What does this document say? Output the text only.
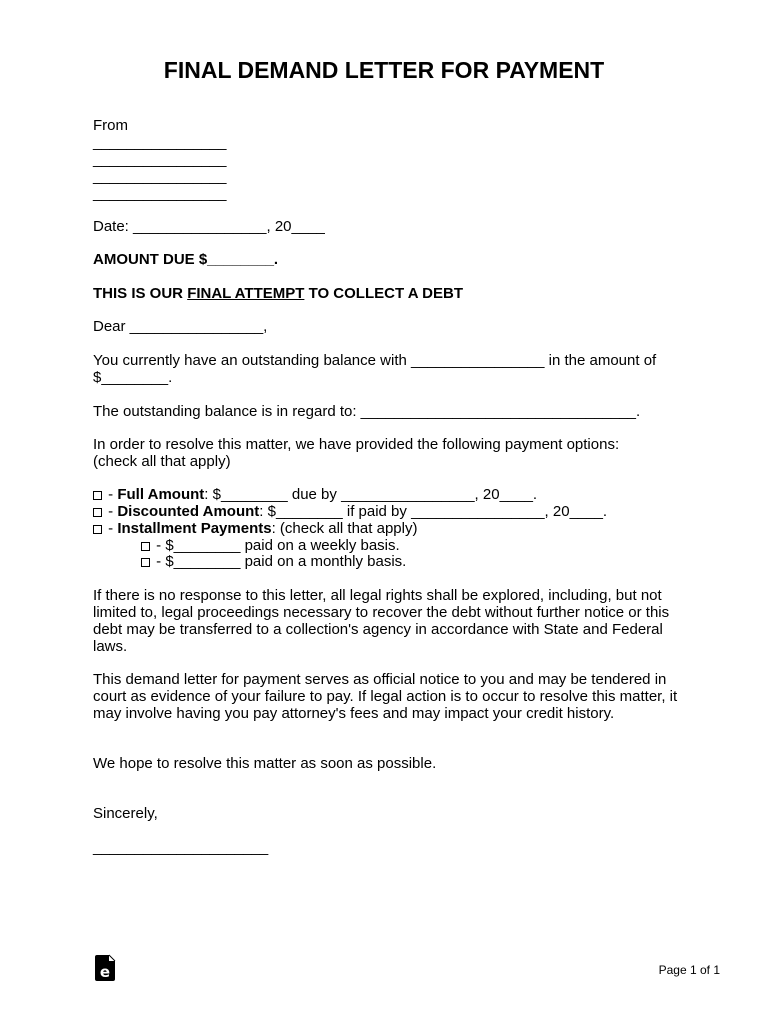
FINAL DEMAND LETTER FOR PAYMENT
From
________________
________________
________________
________________
Date: ________________, 20____
AMOUNT DUE $________.
THIS IS OUR FINAL ATTEMPT TO COLLECT A DEBT
Dear ________________,
You currently have an outstanding balance with ________________ in the amount of $________.
The outstanding balance is in regard to: _________________________________.
In order to resolve this matter, we have provided the following payment options: (check all that apply)
- Full Amount: $________ due by ________________, 20____.
- Discounted Amount: $________ if paid by ________________, 20____.
- Installment Payments: (check all that apply)
- $________ paid on a weekly basis.
- $________ paid on a monthly basis.
If there is no response to this letter, all legal rights shall be explored, including, but not limited to, legal proceedings necessary to recover the debt without further notice or this debt may be transferred to a collection's agency in accordance with State and Federal laws.
This demand letter for payment serves as official notice to you and may be tendered in court as evidence of your failure to pay. If legal action is to occur to resolve this matter, it may involve having you pay attorney's fees and may impact your credit history.
We hope to resolve this matter as soon as possible.
Sincerely,
_____________________
e	Page 1 of 1
